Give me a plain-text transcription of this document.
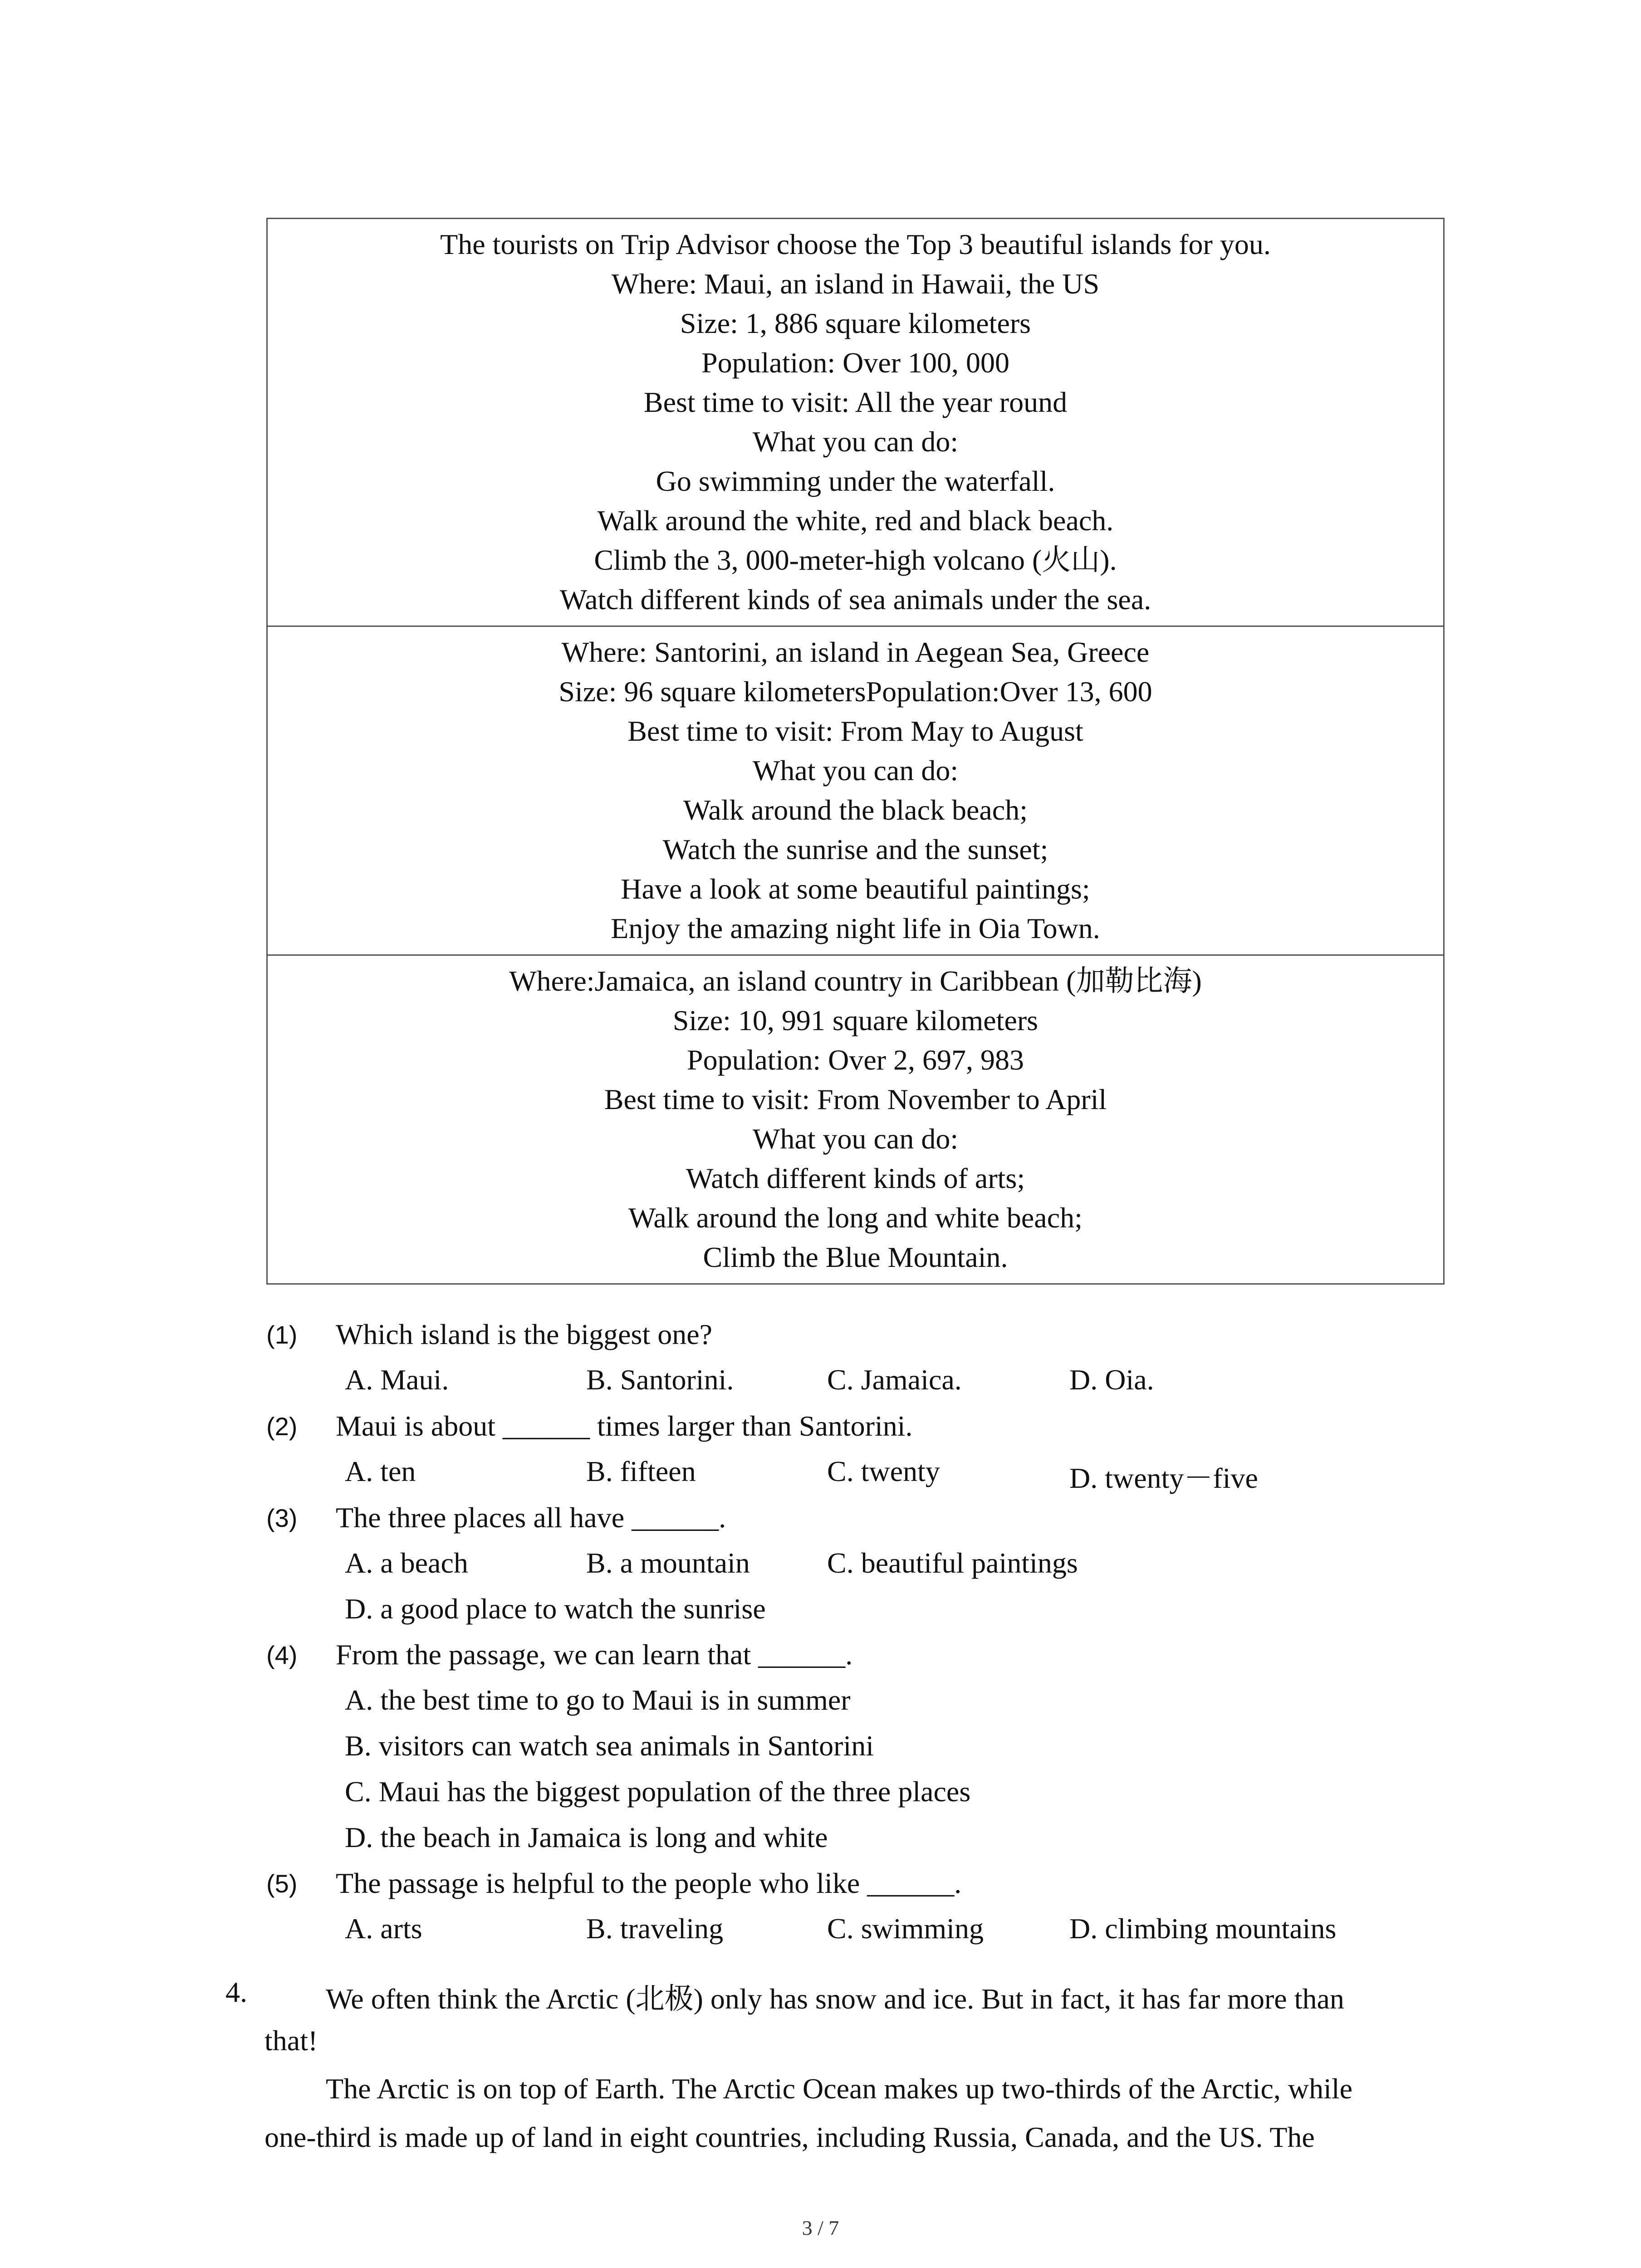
The tourists on Trip Advisor choose the Top 3 beautiful islands for you.
Where: Maui, an island in Hawaii, the US
Size: 1, 886 square kilometers
Population: Over 100, 000
Best time to visit: All the year round
What you can do:
Go swimming under the waterfall.
Walk around the white, red and black beach.
Climb the 3, 000-meter-high volcano (火山).
Watch different kinds of sea animals under the sea.
Where: Santorini, an island in Aegean Sea, Greece
Size: 96 square kilometersPopulation:Over 13, 600
Best time to visit: From May to August
What you can do:
Walk around the black beach;
Watch the sunrise and the sunset;
Have a look at some beautiful paintings;
Enjoy the amazing night life in Oia Town.
Where:Jamaica, an island country in Caribbean (加勒比海)
Size: 10, 991 square kilometers
Population: Over 2, 697, 983
Best time to visit: From November to April
What you can do:
Watch different kinds of arts;
Walk around the long and white beach;
Climb the Blue Mountain.
(1) Which island is the biggest one?
A. Maui.	B. Santorini.	C. Jamaica.	D. Oia.
(2) Maui is about ______ times larger than Santorini.
A. ten	B. fifteen	C. twenty	D. twenty－five
(3) The three places all have ______.
A. a beach	B. a mountain	C. beautiful paintings
D. a good place to watch the sunrise
(4) From the passage, we can learn that ______.
A. the best time to go to Maui is in summer
B. visitors can watch sea animals in Santorini
C. Maui has the biggest population of the three places
D. the beach in Jamaica is long and white
(5) The passage is helpful to the people who like ______.
A. arts	B. traveling	C. swimming	D. climbing mountains
4.	We often think the Arctic (北极) only has snow and ice. But in fact, it has far more than
that!
The Arctic is on top of Earth. The Arctic Ocean makes up two-thirds of the Arctic, while
one-third is made up of land in eight countries, including Russia, Canada, and the US. The
3 / 7
